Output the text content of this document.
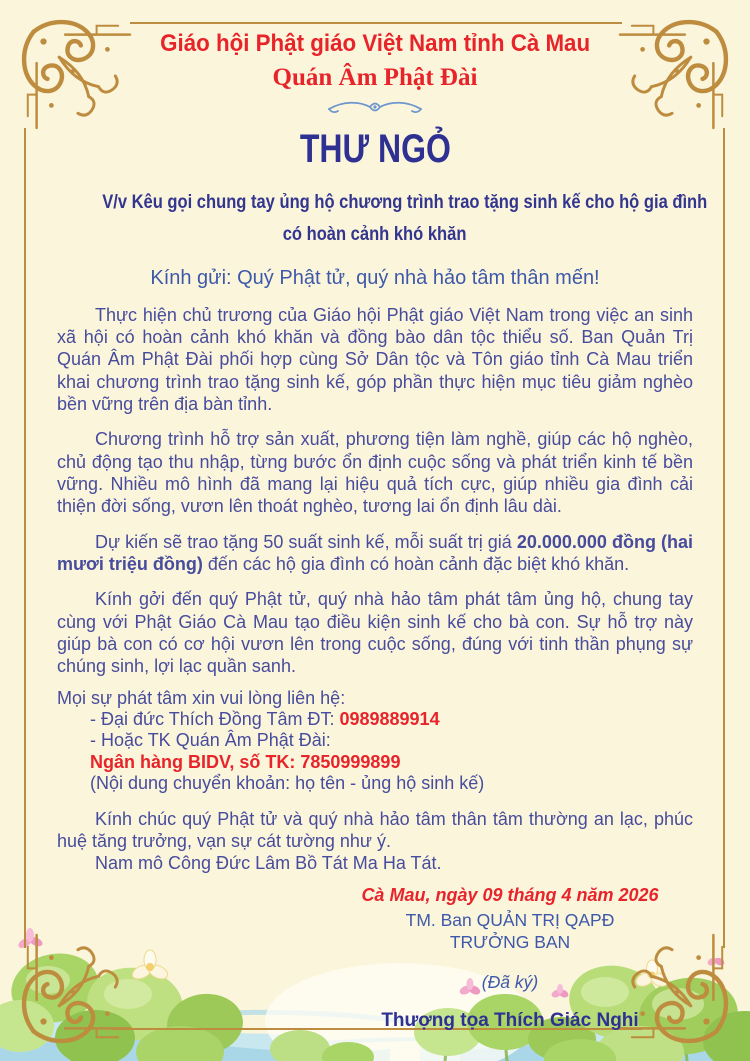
Giáo hội Phật giáo Việt Nam tỉnh Cà Mau
Quán Âm Phật Đài
THƯ NGỎ
V/v Kêu gọi chung tay ủng hộ chương trình trao tặng sinh kế cho hộ gia đình
có hoàn cảnh khó khăn
Kính gửi: Quý Phật tử, quý nhà hảo tâm thân mến!

Thực hiện chủ trương của Giáo hội Phật giáo Việt Nam trong việc an sinh xã hội có hoàn cảnh khó khăn và đồng bào dân tộc thiểu số. Ban Quản Trị Quán Âm Phật Đài phối hợp cùng Sở Dân tộc và Tôn giáo tỉnh Cà Mau triển khai chương trình trao tặng sinh kế, góp phần thực hiện mục tiêu giảm nghèo bền vững trên địa bàn tỉnh.

Chương trình hỗ trợ sản xuất, phương tiện làm nghề, giúp các hộ nghèo, chủ động tạo thu nhập, từng bước ổn định cuộc sống và phát triển kinh tế bền vững. Nhiều mô hình đã mang lại hiệu quả tích cực, giúp nhiều gia đình cải thiện đời sống, vươn lên thoát nghèo, tương lai ổn định lâu dài.

Dự kiến sẽ trao tặng 50 suất sinh kế, mỗi suất trị giá 20.000.000 đồng (hai mươi triệu đồng) đến các hộ gia đình có hoàn cảnh đặc biệt khó khăn.

Kính gởi đến quý Phật tử, quý nhà hảo tâm phát tâm ủng hộ, chung tay cùng với Phật Giáo Cà Mau tạo điều kiện sinh kế cho bà con. Sự hỗ trợ này giúp bà con có cơ hội vươn lên trong cuộc sống, đúng với tinh thần phụng sự chúng sinh, lợi lạc quần sanh.

Mọi sự phát tâm xin vui lòng liên hệ:
- Đại đức Thích Đồng Tâm ĐT: 0989889914
- Hoặc TK Quán Âm Phật Đài:
Ngân hàng BIDV, số TK: 7850999899
(Nội dung chuyển khoản: họ tên - ủng hộ sinh kế)

Kính chúc quý Phật tử và quý nhà hảo tâm thân tâm thường an lạc, phúc huệ tăng trưởng, vạn sự cát tường như ý.

Nam mô Công Đức Lâm Bồ Tát Ma Ha Tát.

Cà Mau, ngày 09 tháng 4 năm 2026
TM. Ban QUẢN TRỊ QAPĐ
TRƯỞNG BAN
(Đã ký)
Thượng tọa Thích Giác Nghi
